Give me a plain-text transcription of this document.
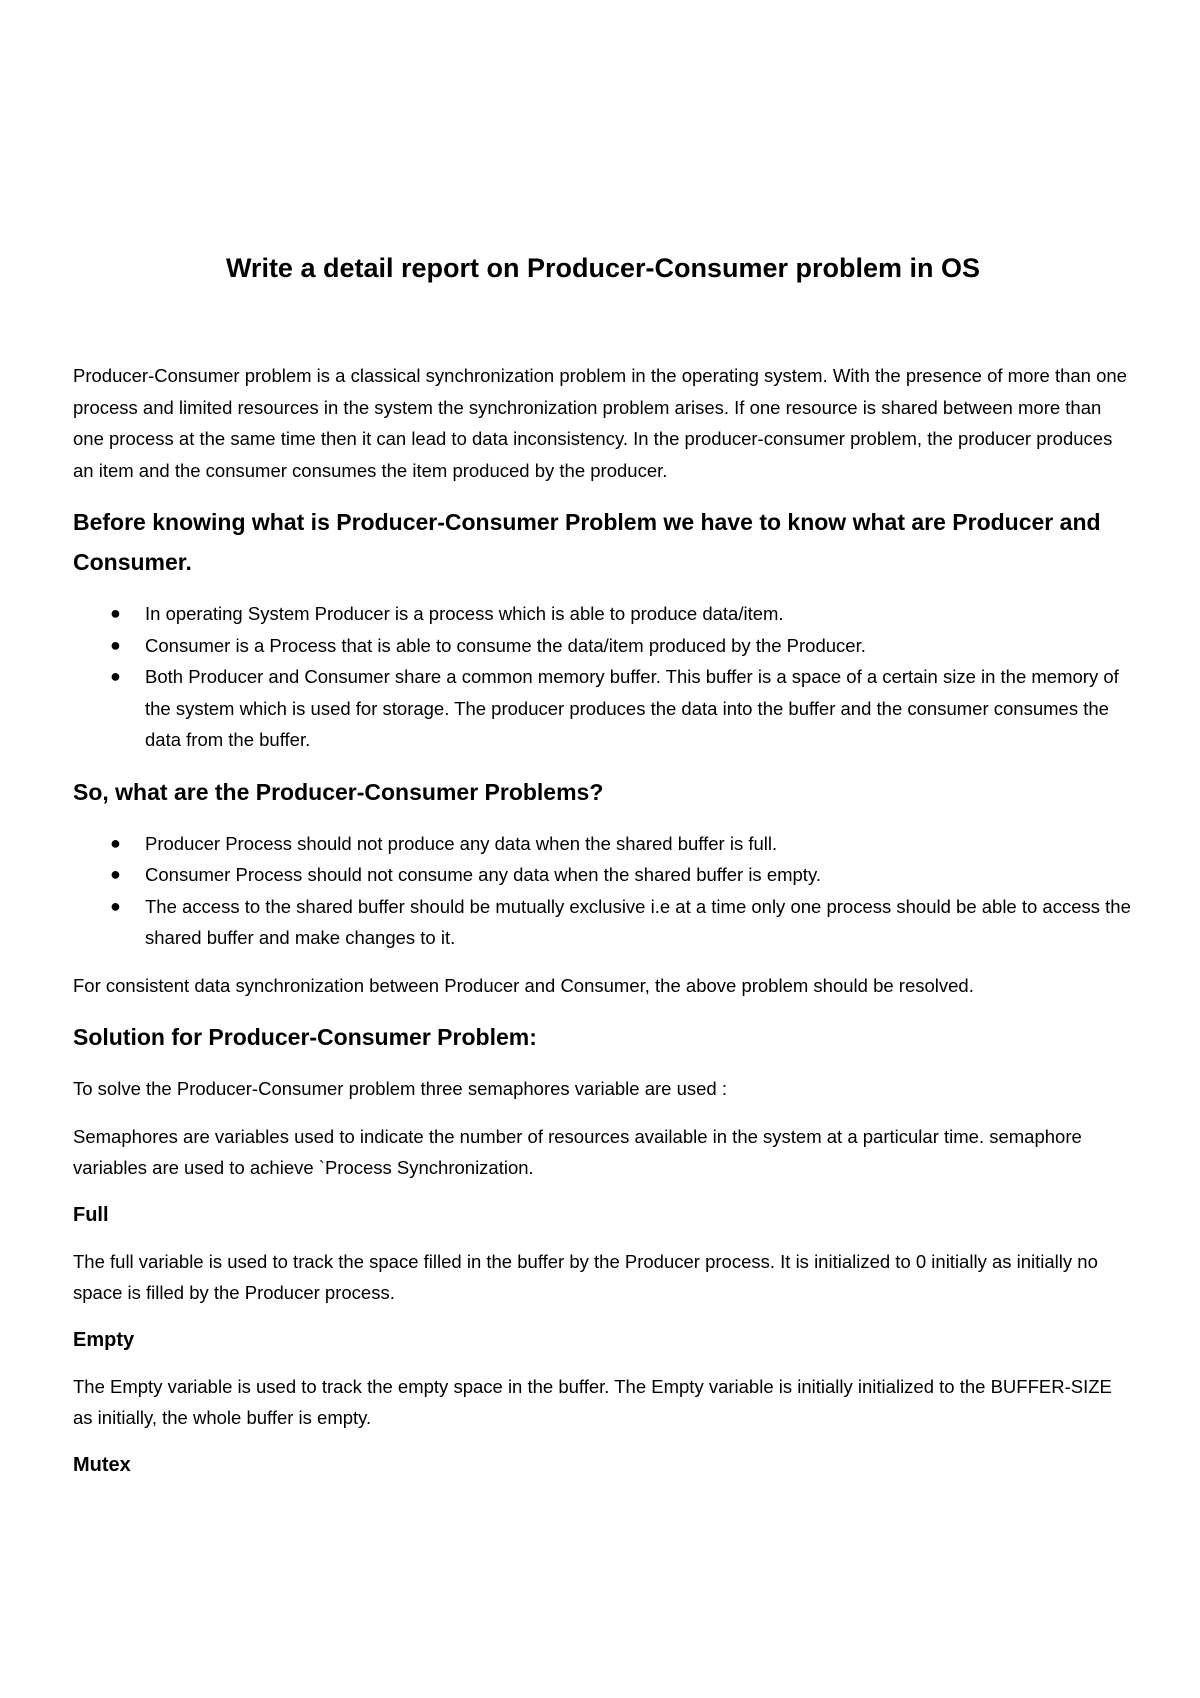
Write a detail report on Producer-Consumer problem in OS

Producer-Consumer problem is a classical synchronization problem in the operating system. With the presence of more than one process and limited resources in the system the synchronization problem arises. If one resource is shared between more than one process at the same time then it can lead to data inconsistency. In the producer-consumer problem, the producer produces an item and the consumer consumes the item produced by the producer.

Before knowing what is Producer-Consumer Problem we have to know what are Producer and Consumer.
● In operating System Producer is a process which is able to produce data/item.
● Consumer is a Process that is able to consume the data/item produced by the Producer.
● Both Producer and Consumer share a common memory buffer. This buffer is a space of a certain size in the memory of the system which is used for storage. The producer produces the data into the buffer and the consumer consumes the data from the buffer.
So, what are the Producer-Consumer Problems?
● Producer Process should not produce any data when the shared buffer is full.
● Consumer Process should not consume any data when the shared buffer is empty.
● The access to the shared buffer should be mutually exclusive i.e at a time only one process should be able to access the shared buffer and make changes to it.

For consistent data synchronization between Producer and Consumer, the above problem should be resolved.

Solution for Producer-Consumer Problem:

To solve the Producer-Consumer problem three semaphores variable are used :

Semaphores are variables used to indicate the number of resources available in the system at a particular time. semaphore variables are used to achieve `Process Synchronization.

Full

The full variable is used to track the space filled in the buffer by the Producer process. It is initialized to 0 initially as initially no space is filled by the Producer process.

Empty

The Empty variable is used to track the empty space in the buffer. The Empty variable is initially initialized to the BUFFER-SIZE as initially, the whole buffer is empty.

Mutex
